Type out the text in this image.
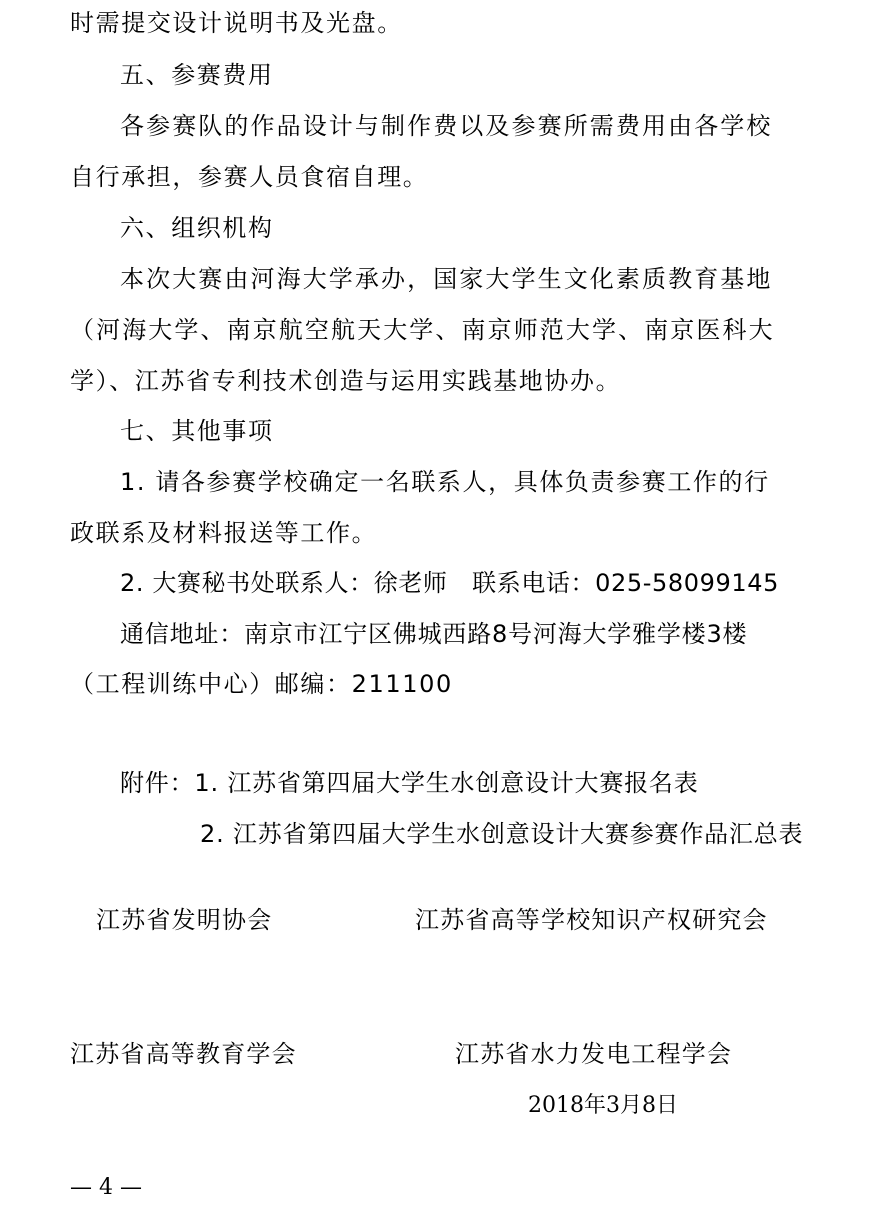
时需提交设计说明书及光盘。
五、参赛费用
各参赛队的作品设计与制作费以及参赛所需费用由各学校
自行承担，参赛人员食宿自理。
六、组织机构
本次大赛由河海大学承办，国家大学生文化素质教育基地
（河海大学、南京航空航天大学、南京师范大学、南京医科大
学）、江苏省专利技术创造与运用实践基地协办。
七、其他事项
1. 请各参赛学校确定一名联系人，具体负责参赛工作的行
政联系及材料报送等工作。
2. 大赛秘书处联系人：徐老师　联系电话：025-58099145
通信地址：南京市江宁区佛城西路8号河海大学雅学楼3楼
（工程训练中心）邮编：211100
附件：1. 江苏省第四届大学生水创意设计大赛报名表
2. 江苏省第四届大学生水创意设计大赛参赛作品汇总表
江苏省发明协会	江苏省高等学校知识产权研究会
江苏省高等教育学会	江苏省水力发电工程学会
2018年3月8日
— 4 —
